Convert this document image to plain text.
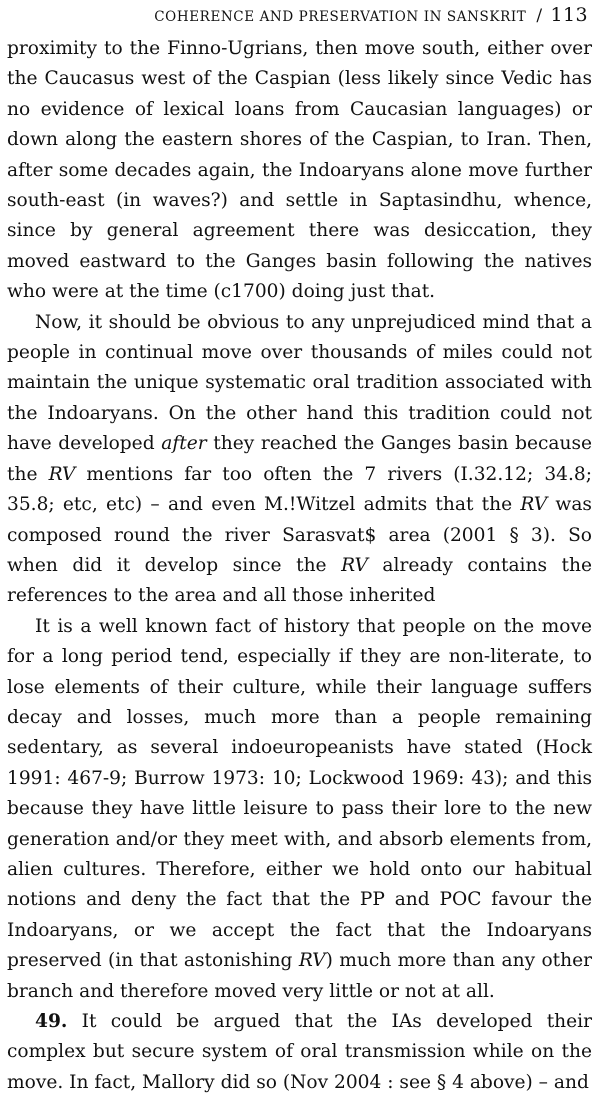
COHERENCE AND PRESERVATION IN SANSKRIT / 113

proximity to the Finno-Ugrians, then move south, either over the Caucasus west of the Caspian (less likely since Vedic has no evidence of lexical loans from Caucasian languages) or down along the eastern shores of the Caspian, to Iran. Then, after some decades again, the Indoaryans alone move further south-east (in waves?) and settle in Saptasindhu, whence, since by general agreement there was desiccation, they moved eastward to the Ganges basin following the natives who were at the time (c1700) doing just that.

Now, it should be obvious to any unprejudiced mind that a people in continual move over thousands of miles could not maintain the unique systematic oral tradition associated with the Indoaryans. On the other hand this tradition could not have developed after they reached the Ganges basin because the RV mentions far too often the 7 rivers (I.32.12; 34.8; 35.8; etc, etc) – and even M.!Witzel admits that the RV was composed round the river Sarasvat$ area (2001 § 3). So when did it develop since the RV already contains the references to the area and all those inherited

It is a well known fact of history that people on the move for a long period tend, especially if they are non-literate, to lose elements of their culture, while their language suffers decay and losses, much more than a people remaining sedentary, as several indoeuropeanists have stated (Hock 1991: 467-9; Burrow 1973: 10; Lockwood 1969: 43); and this because they have little leisure to pass their lore to the new generation and/or they meet with, and absorb elements from, alien cultures. Therefore, either we hold onto our habitual notions and deny the fact that the PP and POC favour the Indoaryans, or we accept the fact that the Indoaryans preserved (in that astonishing RV) much more than any other branch and therefore moved very little or not at all.

49. It could be argued that the IAs developed their complex but secure system of oral transmission while on the move. In fact, Mallory did so (Nov 2004 : see § 4 above) – and
